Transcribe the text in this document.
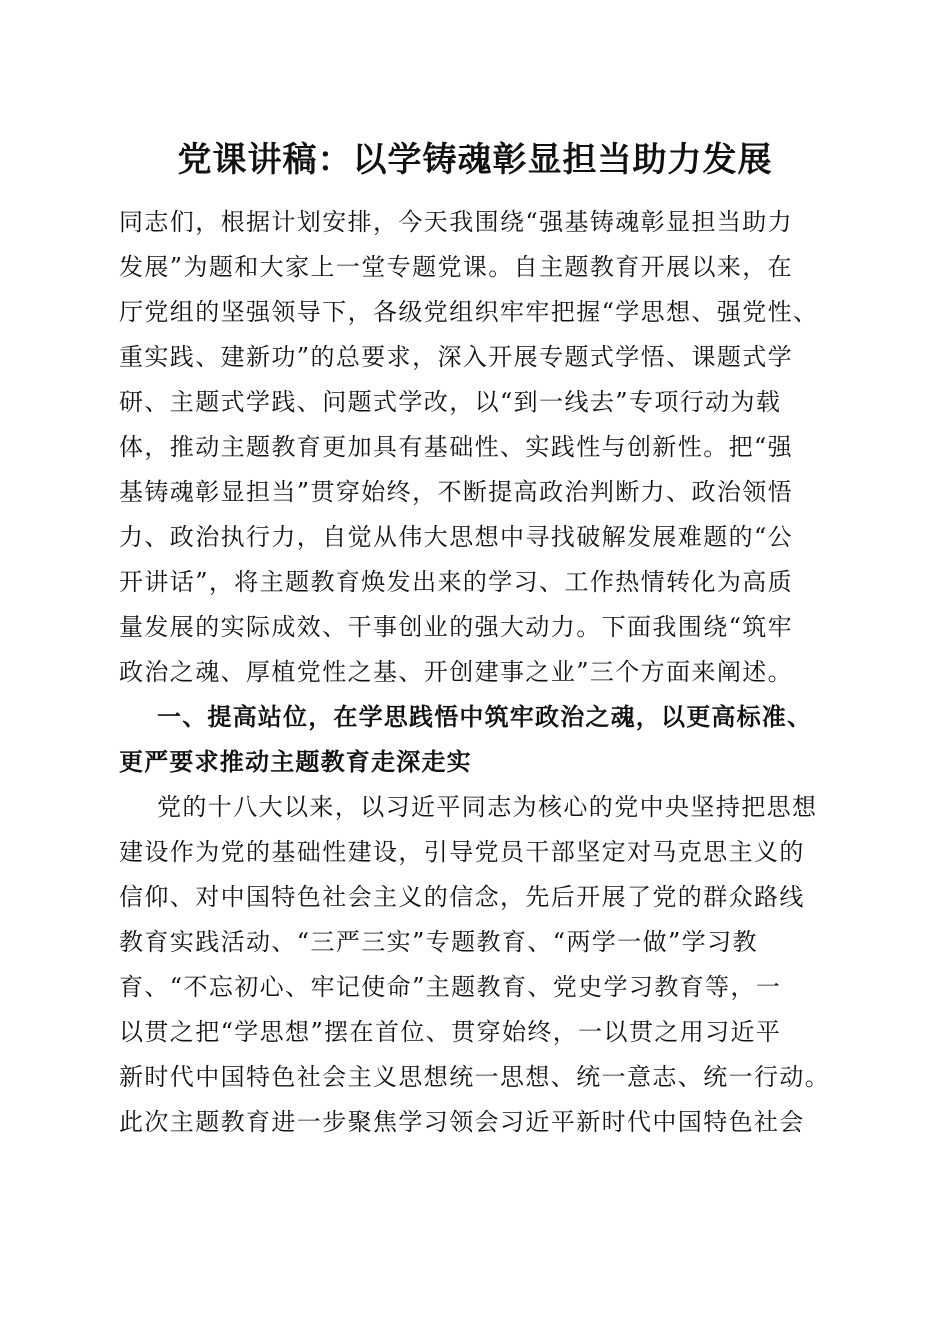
党课讲稿：以学铸魂彰显担当助力发展
同志们，根据计划安排，今天我围绕“强基铸魂彰显担当助力
发展”为题和大家上一堂专题党课。自主题教育开展以来，在
厅党组的坚强领导下，各级党组织牢牢把握“学思想、强党性、
重实践、建新功”的总要求，深入开展专题式学悟、课题式学
研、主题式学践、问题式学改，以“到一线去”专项行动为载
体，推动主题教育更加具有基础性、实践性与创新性。把“强
基铸魂彰显担当”贯穿始终，不断提高政治判断力、政治领悟
力、政治执行力，自觉从伟大思想中寻找破解发展难题的“公
开讲话”，将主题教育焕发出来的学习、工作热情转化为高质
量发展的实际成效、干事创业的强大动力。下面我围绕“筑牢
政治之魂、厚植党性之基、开创建事之业”三个方面来阐述。
一、提高站位，在学思践悟中筑牢政治之魂，以更高标准、
更严要求推动主题教育走深走实
党的十八大以来，以习近平同志为核心的党中央坚持把思想
建设作为党的基础性建设，引导党员干部坚定对马克思主义的
信仰、对中国特色社会主义的信念，先后开展了党的群众路线
教育实践活动、“三严三实”专题教育、“两学一做”学习教
育、“不忘初心、牢记使命”主题教育、党史学习教育等，一
以贯之把“学思想”摆在首位、贯穿始终，一以贯之用习近平
新时代中国特色社会主义思想统一思想、统一意志、统一行动。
此次主题教育进一步聚焦学习领会习近平新时代中国特色社会
